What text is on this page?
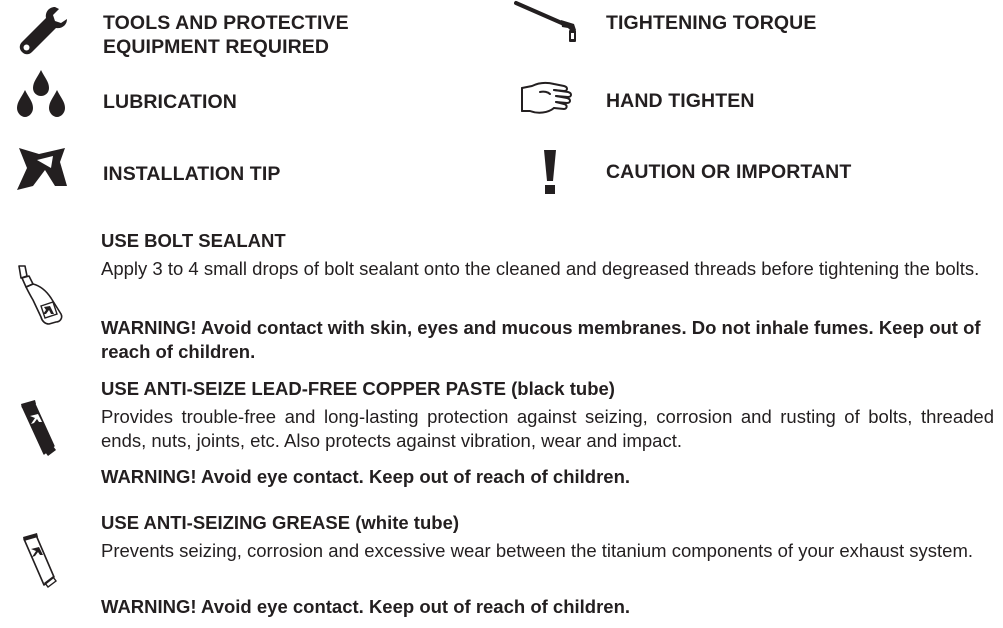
TOOLS AND PROTECTIVE
EQUIPMENT REQUIRED
TIGHTENING TORQUE
LUBRICATION	HAND TIGHTEN
INSTALLATION TIP	CAUTION OR IMPORTANT
USE BOLT SEALANT
Apply 3 to 4 small drops of bolt sealant onto the cleaned and degreased threads before tightening the bolts.
WARNING! Avoid contact with skin, eyes and mucous membranes. Do not inhale fumes. Keep out of reach of children.
USE ANTI-SEIZE LEAD-FREE COPPER PASTE (black tube)
Provides trouble-free and long-lasting protection against seizing, corrosion and rusting of bolts, threaded ends, nuts, joints, etc. Also protects against vibration, wear and impact.
WARNING! Avoid eye contact. Keep out of reach of children.
USE ANTI-SEIZING GREASE (white tube)
Prevents seizing, corrosion and excessive wear between the titanium components of your exhaust system.
WARNING! Avoid eye contact. Keep out of reach of children.
